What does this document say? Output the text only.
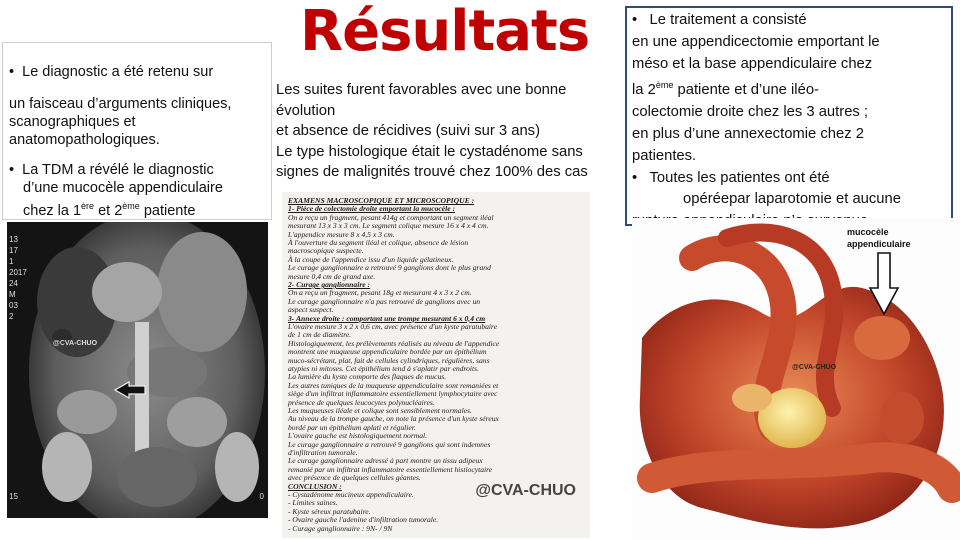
Résultats
•  Le diagnostic a été retenu sur
un faisceau d’arguments cliniques, scanographiques et anatomopathologiques.
•  La TDM a révélé le diagnostic
d’une mucocèle appendiculaire
chez la 1ère et 2ème patiente
Les suites furent favorables avec une bonne
évolution
et absence de récidives (suivi sur 3 ans)
Le type histologique était le cystadénome sans
signes de malignités trouvé chez 100% des cas
•   Le traitement a consisté
en une appendicectomie emportant le
méso et la base appendiculaire chez
la 2ème patiente et d’une iléo-
colectomie droite chez les 3 autres ;
en plus d’une annexectomie chez 2
patientes.
•   Toutes les patientes ont été
opéréepar laparotomie et aucune
@CVA-CHUO
13
17
1
2017
24
M
03
2
15	0
EXAMENS MACROSCOPIQUE ET MICROSCOPIQUE :
1- Pièce de colectomie droite emportant la mucocèle :
On a reçu un fragment, pesant 414g et comportant un segment iléal
mesurant 13 x 3 x 3 cm. Le segment colique mesure 16 x 4 x 4 cm.
L'appendice mesure 8 x 4,5 x 3 cm.
À l'ouverture du segment iléal et colique, absence de lésion
macroscopique suspecte.
À la coupe de l'appendice issu d'un liquide gélatineux.
Le curage ganglionnaire a retrouvé 9 ganglions dont le plus grand
mesure 0,4 cm de grand axe.
2- Curage ganglionnaire :
On a reçu un fragment, pesant 18g et mesurant 4 x 3 x 2 cm.
Le curage ganglionnaire n'a pas retrouvé de ganglions avec un
aspect suspect.
3- Annexe droite : comportant une trompe mesurant 6 x 0,4 cm
L'ovaire mesure 3 x 2 x 0,6 cm, avec présence d'un kyste paratubaire
de 1 cm de diamètre.
Histologiquement, les prélèvements réalisés au niveau de l'appendice
montrent une muqueuse appendiculaire bordée par un épithélium
muco-sécrétant, plat, fait de cellules cylindriques, régulières, sans
atypies ni mitoses. Cet épithélium tend à s'aplatir par endroits.
La lumière du kyste comporte des flaques de mucus.
Les autres tuniques de la muqueuse appendiculaire sont remaniées et
siège d'un infiltrat inflammatoire essentiellement lymphocytaire avec
présence de quelques leucocytes polynucléaires.
Les muqueuses iléale et colique sont sensiblement normales.
Au niveau de la trompe gauche, on note la présence d'un kyste séreux
bordé par un épithélium aplati et régulier.
L'ovaire gauche est histologiquement normal.
Le curage ganglionnaire a retrouvé 9 ganglions qui sont indemnes
d'infiltration tumorale.
Le curage ganglionnaire adressé à part montre un tissu adipeux
remanié par un infiltrat inflammatoire essentiellement histiocytaire
avec présence de quelques cellules géantes.
CONCLUSION :
- Cystadénome mucineux appendiculaire.
- Limites saines.
- Kyste séreux paratubaire.
- Ovaire gauche l'adenine d'infiltration tumorale.
- Curage ganglionnaire : 9N- / 9N
@CVA-CHUO
mucocèle
appendiculaire
@CVA-CHUO
